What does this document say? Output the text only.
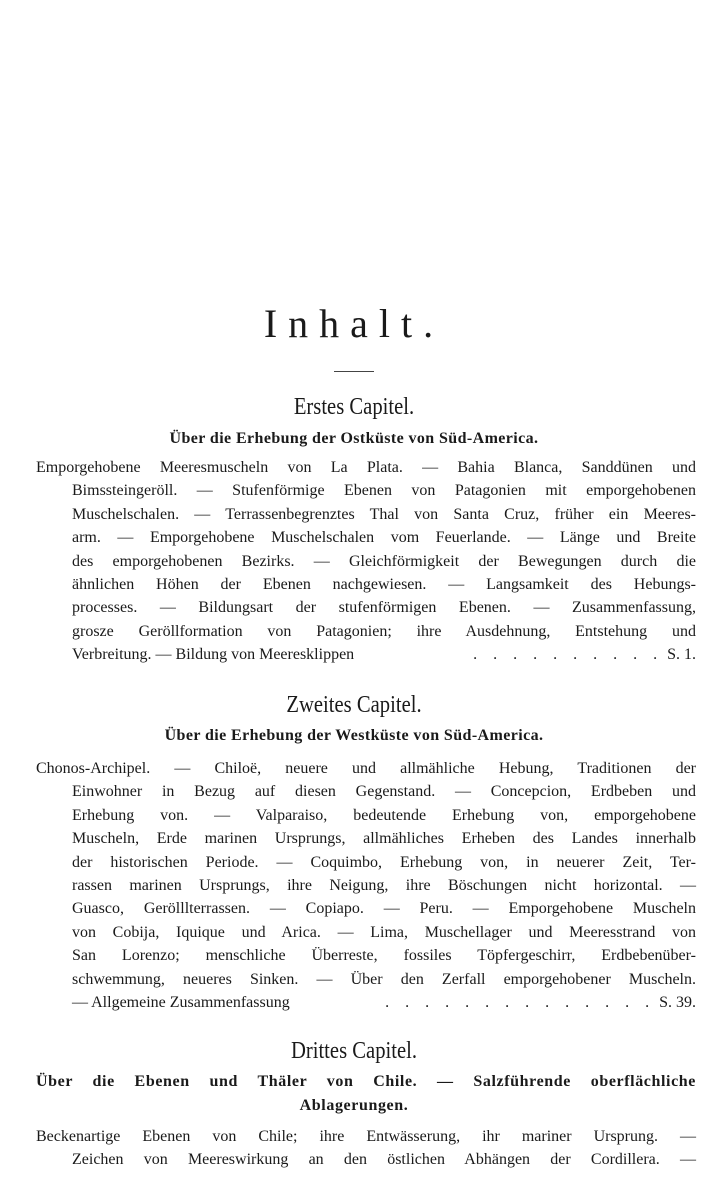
Inhalt.
Erstes Capitel.

Über die Erhebung der Ostküste von Süd-America.

Emporgehobene Meeresmuscheln von La Plata. — Bahia Blanca, Sanddünen und
Bimssteingeröll. — Stufenförmige Ebenen von Patagonien mit emporgehobenen
Muschelschalen. — Terrassenbegrenztes Thal von Santa Cruz, früher ein Meeres-
arm. — Emporgehobene Muschelschalen vom Feuerlande. — Länge und Breite
des emporgehobenen Bezirks. — Gleichförmigkeit der Bewegungen durch die
ähnlichen Höhen der Ebenen nachgewiesen. — Langsamkeit des Hebungs-
processes. — Bildungsart der stufenförmigen Ebenen. — Zusammenfassung,
grosze Geröllformation von Patagonien; ihre Ausdehnung, Entstehung und
Verbreitung. — Bildung von Meeresklippen	. . . . . . . . . . S. 1.
Zweites Capitel.

Über die Erhebung der Westküste von Süd-America.

Chonos-Archipel. — Chiloë, neuere und allmähliche Hebung, Traditionen der
Einwohner in Bezug auf diesen Gegenstand. — Concepcion, Erdbeben und
Erhebung von. — Valparaiso, bedeutende Erhebung von, emporgehobene
Muscheln, Erde marinen Ursprungs, allmähliches Erheben des Landes innerhalb
der historischen Periode. — Coquimbo, Erhebung von, in neuerer Zeit, Ter-
rassen marinen Ursprungs, ihre Neigung, ihre Böschungen nicht horizontal. —
Guasco, Gerölllterrassen. — Copiapo. — Peru. — Emporgehobene Muscheln
von Cobija, Iquique und Arica. — Lima, Muschellager und Meeresstrand von
San Lorenzo; menschliche Überreste, fossiles Töpfergeschirr, Erdbebenüber-
schwemmung, neueres Sinken. — Über den Zerfall emporgehobener Muscheln.
— Allgemeine Zusammenfassung	. . . . . . . . . . . . . . S. 39.
Drittes Capitel.

Über die Ebenen und Thäler von Chile. — Salzführende oberflächliche

Ablagerungen.

Beckenartige Ebenen von Chile; ihre Entwässerung, ihr mariner Ursprung. —
Zeichen von Meereswirkung an den östlichen Abhängen der Cordillera. —
